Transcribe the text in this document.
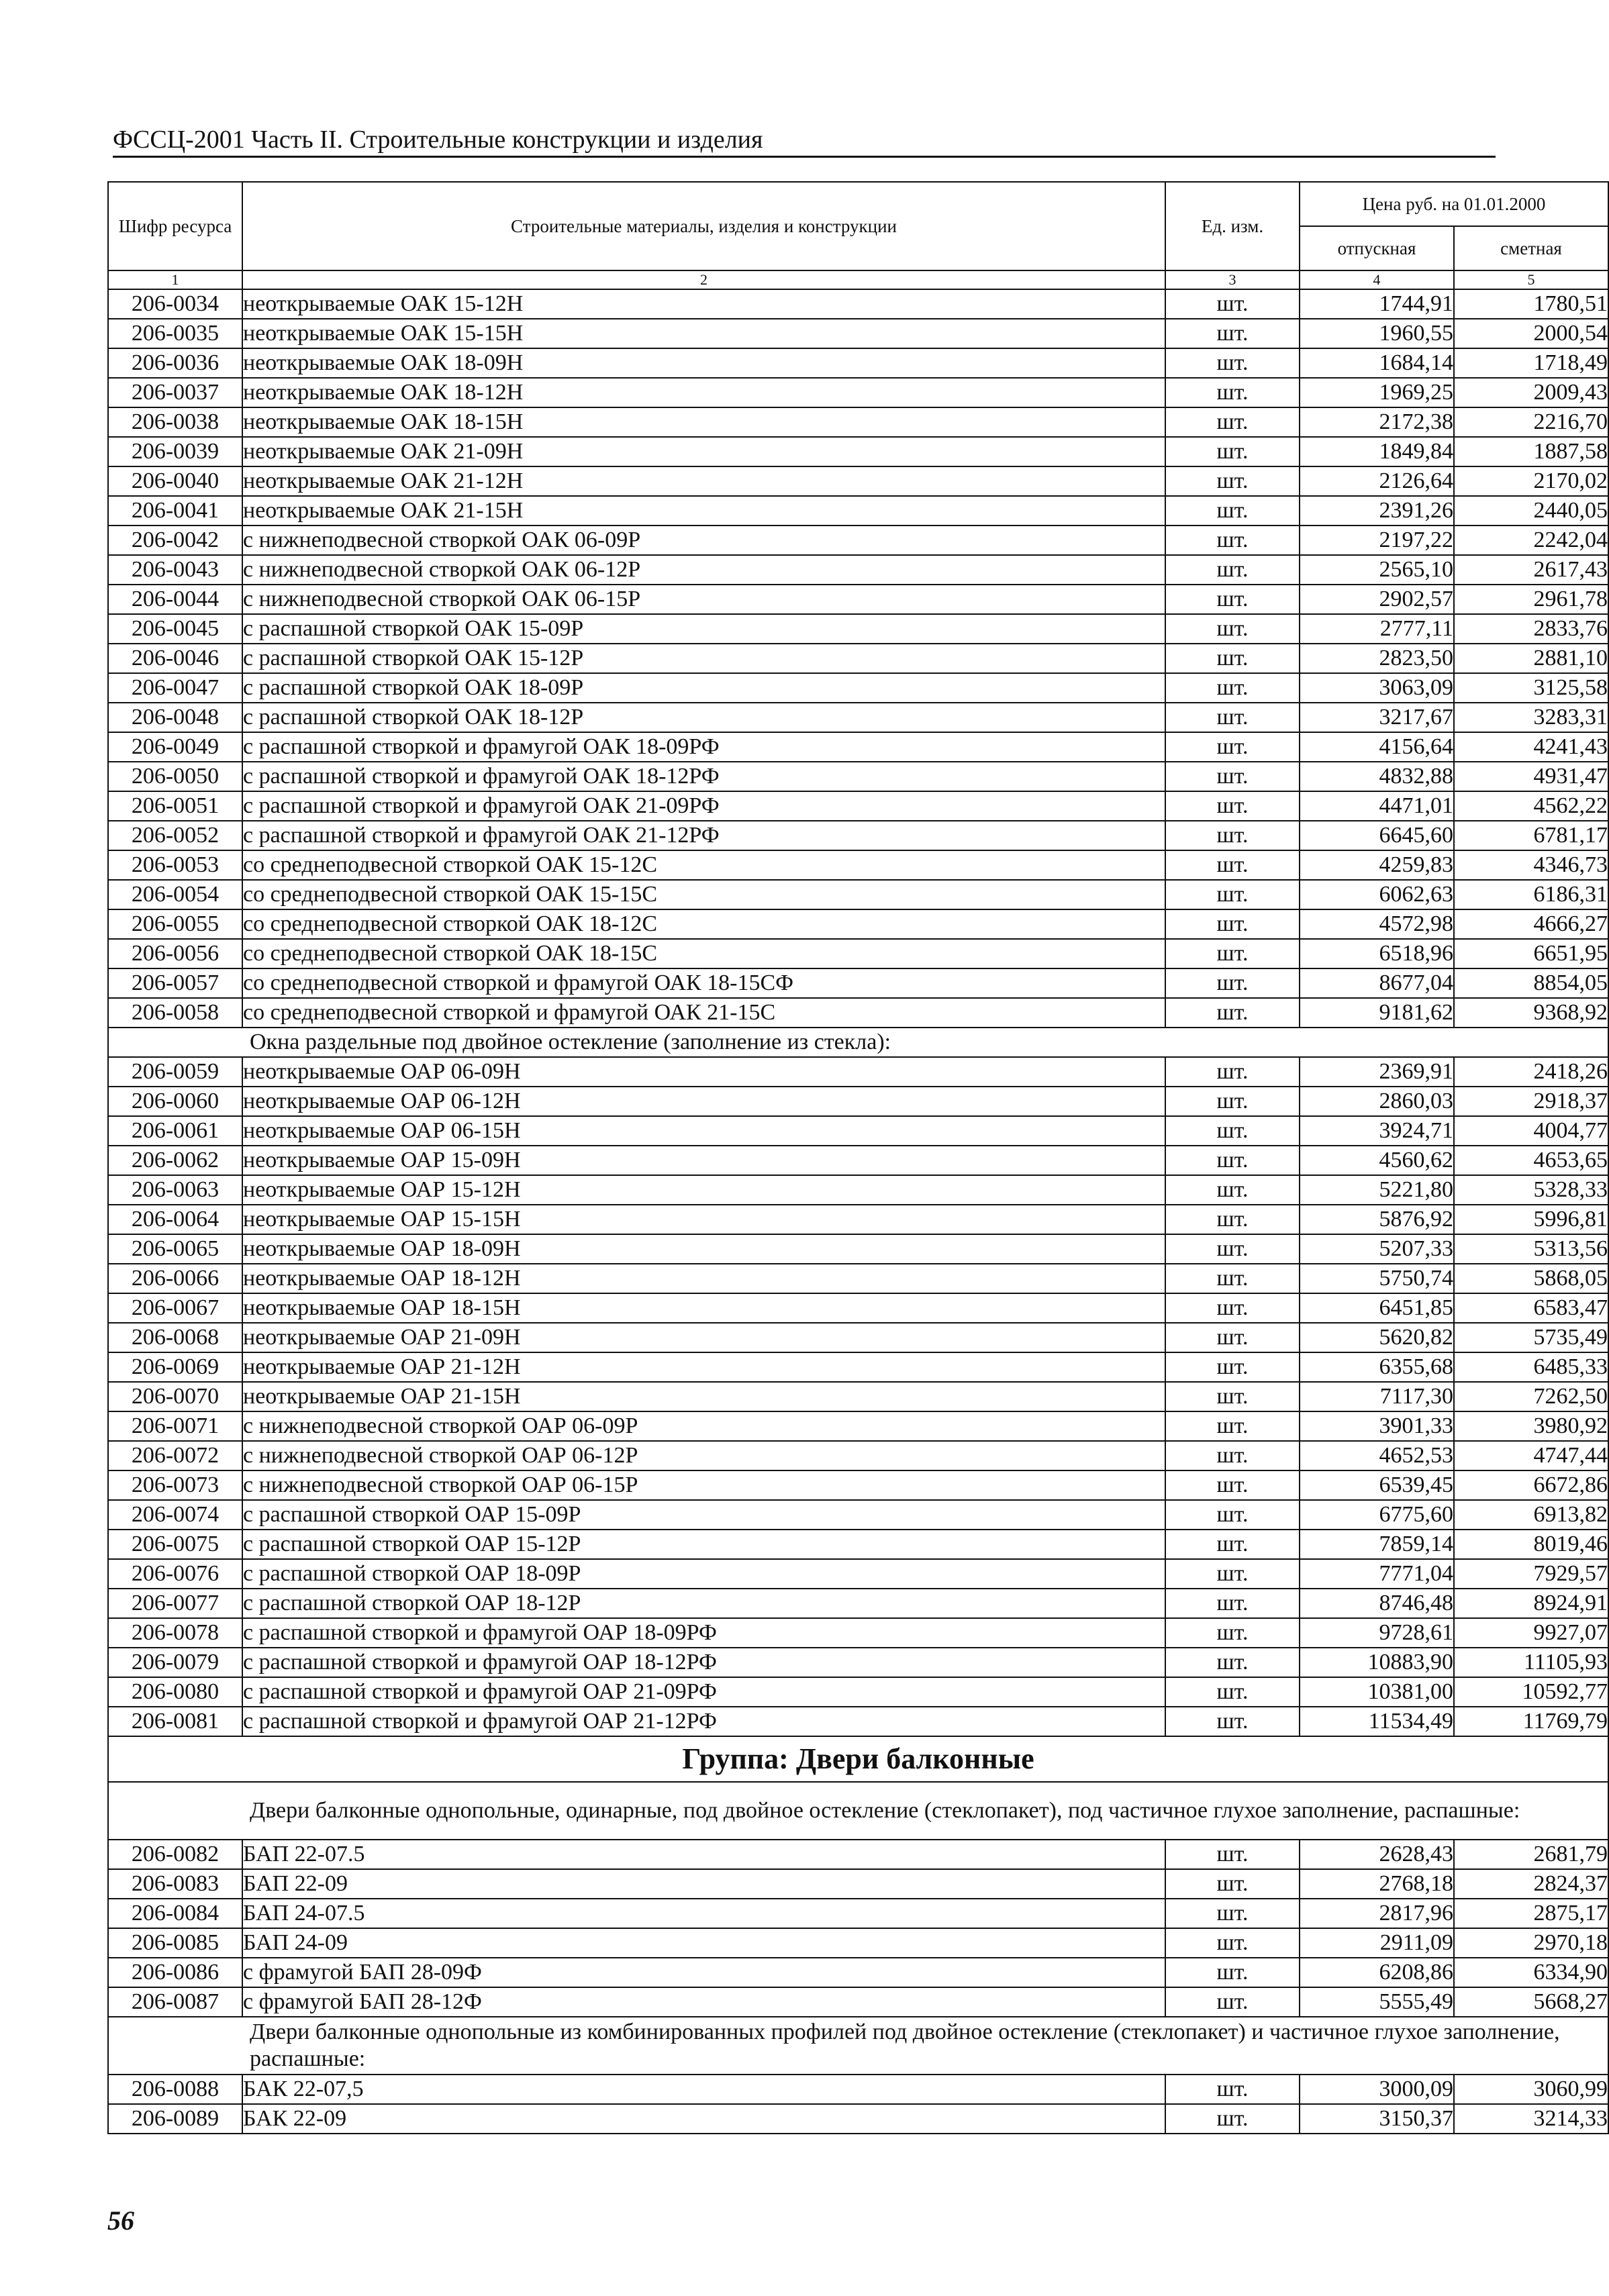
ФССЦ-2001 Часть II. Строительные конструкции и изделия
Шифр ресурса	Строительные материалы, изделия и конструкции	Ед. изм.	Цена руб. на 01.01.2000	
			отпускная	сметная
1	2	3	4	5
206-0034	неоткрываемые ОАК 15-12Н	шт.	1744,91	1780,51
206-0035	неоткрываемые ОАК 15-15Н	шт.	1960,55	2000,54
206-0036	неоткрываемые ОАК 18-09Н	шт.	1684,14	1718,49
206-0037	неоткрываемые ОАК 18-12Н	шт.	1969,25	2009,43
206-0038	неоткрываемые ОАК 18-15Н	шт.	2172,38	2216,70
206-0039	неоткрываемые ОАК 21-09Н	шт.	1849,84	1887,58
206-0040	неоткрываемые ОАК 21-12Н	шт.	2126,64	2170,02
206-0041	неоткрываемые ОАК 21-15Н	шт.	2391,26	2440,05
206-0042	с нижнеподвесной створкой ОАК 06-09Р	шт.	2197,22	2242,04
206-0043	с нижнеподвесной створкой ОАК 06-12Р	шт.	2565,10	2617,43
206-0044	с нижнеподвесной створкой ОАК 06-15Р	шт.	2902,57	2961,78
206-0045	с распашной створкой ОАК 15-09Р	шт.	2777,11	2833,76
206-0046	с распашной створкой ОАК 15-12Р	шт.	2823,50	2881,10
206-0047	с распашной створкой ОАК 18-09Р	шт.	3063,09	3125,58
206-0048	с распашной створкой ОАК 18-12Р	шт.	3217,67	3283,31
206-0049	с распашной створкой и фрамугой ОАК 18-09РФ	шт.	4156,64	4241,43
206-0050	с распашной створкой и фрамугой ОАК 18-12РФ	шт.	4832,88	4931,47
206-0051	с распашной створкой и фрамугой ОАК 21-09РФ	шт.	4471,01	4562,22
206-0052	с распашной створкой и фрамугой ОАК 21-12РФ	шт.	6645,60	6781,17
206-0053	со среднеподвесной створкой ОАК 15-12С	шт.	4259,83	4346,73
206-0054	со среднеподвесной створкой ОАК 15-15С	шт.	6062,63	6186,31
206-0055	со среднеподвесной створкой ОАК 18-12С	шт.	4572,98	4666,27
206-0056	со среднеподвесной створкой ОАК 18-15С	шт.	6518,96	6651,95
206-0057	со среднеподвесной створкой и фрамугой ОАК 18-15СФ	шт.	8677,04	8854,05
206-0058	со среднеподвесной створкой и фрамугой ОАК 21-15С	шт.	9181,62	9368,92
Окна раздельные под двойное остекление (заполнение из стекла):				
206-0059	неоткрываемые ОАР 06-09Н	шт.	2369,91	2418,26
206-0060	неоткрываемые ОАР 06-12Н	шт.	2860,03	2918,37
206-0061	неоткрываемые ОАР 06-15Н	шт.	3924,71	4004,77
206-0062	неоткрываемые ОАР 15-09Н	шт.	4560,62	4653,65
206-0063	неоткрываемые ОАР 15-12Н	шт.	5221,80	5328,33
206-0064	неоткрываемые ОАР 15-15Н	шт.	5876,92	5996,81
206-0065	неоткрываемые ОАР 18-09Н	шт.	5207,33	5313,56
206-0066	неоткрываемые ОАР 18-12Н	шт.	5750,74	5868,05
206-0067	неоткрываемые ОАР 18-15Н	шт.	6451,85	6583,47
206-0068	неоткрываемые ОАР 21-09Н	шт.	5620,82	5735,49
206-0069	неоткрываемые ОАР 21-12Н	шт.	6355,68	6485,33
206-0070	неоткрываемые ОАР 21-15Н	шт.	7117,30	7262,50
206-0071	с нижнеподвесной створкой ОАР 06-09Р	шт.	3901,33	3980,92
206-0072	с нижнеподвесной створкой ОАР 06-12Р	шт.	4652,53	4747,44
206-0073	с нижнеподвесной створкой ОАР 06-15Р	шт.	6539,45	6672,86
206-0074	с распашной створкой ОАР 15-09Р	шт.	6775,60	6913,82
206-0075	с распашной створкой ОАР 15-12Р	шт.	7859,14	8019,46
206-0076	с распашной створкой ОАР 18-09Р	шт.	7771,04	7929,57
206-0077	с распашной створкой ОАР 18-12Р	шт.	8746,48	8924,91
206-0078	с распашной створкой и фрамугой ОАР 18-09РФ	шт.	9728,61	9927,07
206-0079	с распашной створкой и фрамугой ОАР 18-12РФ	шт.	10883,90	11105,93
206-0080	с распашной створкой и фрамугой ОАР 21-09РФ	шт.	10381,00	10592,77
206-0081	с распашной створкой и фрамугой ОАР 21-12РФ	шт.	11534,49	11769,79
Группа: Двери балконные				
Двери балконные однопольные, одинарные, под двойное остекление (стеклопакет), под частичное глухое заполнение, распашные:				
206-0082	БАП 22-07.5	шт.	2628,43	2681,79
206-0083	БАП 22-09	шт.	2768,18	2824,37
206-0084	БАП 24-07.5	шт.	2817,96	2875,17
206-0085	БАП 24-09	шт.	2911,09	2970,18
206-0086	с фрамугой БАП 28-09Ф	шт.	6208,86	6334,90
206-0087	с фрамугой БАП 28-12Ф	шт.	5555,49	5668,27
Двери балконные однопольные из комбинированных профилей под двойное остекление (стеклопакет) и частичное глухое заполнение, распашные:				
206-0088	БАК 22-07,5	шт.	3000,09	3060,99
206-0089	БАК 22-09	шт.	3150,37	3214,33
56
